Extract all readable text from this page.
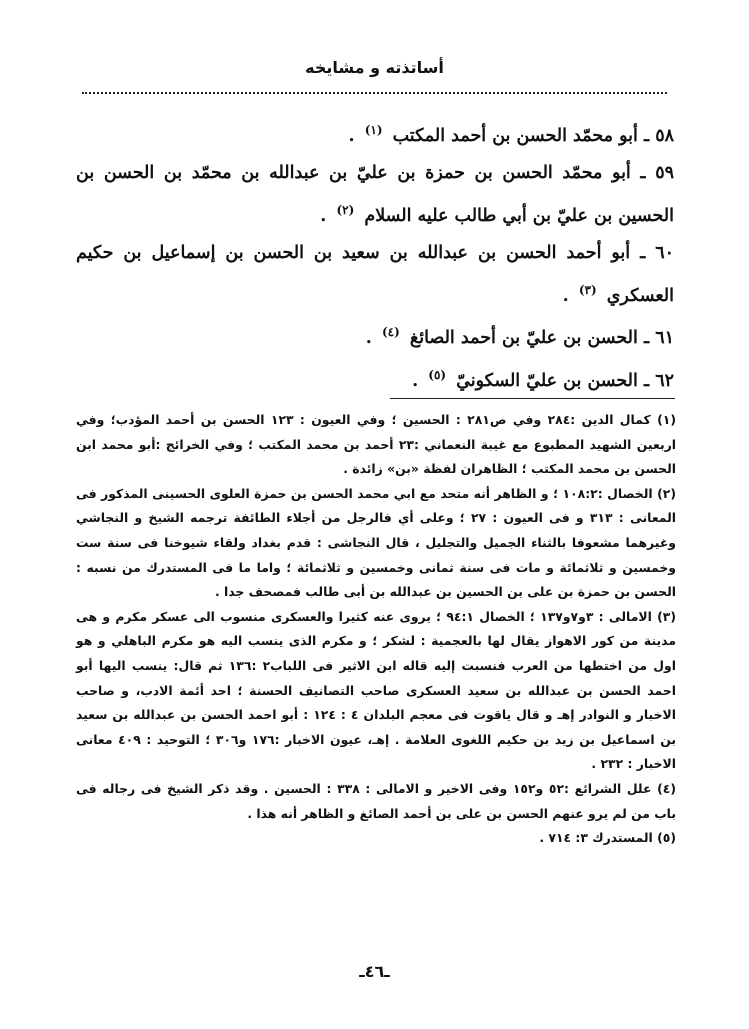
أساتذته و مشايخه

٥٨ ـ أبو محمّد الحسن بن أحمد المكتب $^{(١)}$ .

٥٩ ـ أبو محمّد الحسن بن حمزة بن عليّ بن عبدالله بن محمّد بن الحسن بن الحسين بن عليّ بن أبي طالب عليه السلام $^{(٢)}$ .

٦٠ ـ أبو أحمد الحسن بن عبدالله بن سعيد بن الحسن بن إسماعيل بن حكيم العسكري $^{(٣)}$ .

٦١ ـ الحسن بن عليّ بن أحمد الصائغ $^{(٤)}$ .

٦٢ ـ الحسن بن عليّ السكونيّ $^{(٥)}$ .

(١) كمال الدين :٢٨٤ وفي ص٢٨١ : الحسين ؛ وفي العيون : ١٢٣ الحسن بن أحمد المؤدب؛ وفي اربعين الشهيد المطبوع مع غيبة النعماني :٢٣ أحمد بن محمد المكتب ؛ وفي الخرائج :أبو محمد ابن الحسن بن محمد المكتب ؛ الظاهران لفظة «بن» زائدة .

(٢) الخصال :١٠٨:٢ ؛ و الظاهر أنه متحد مع ابي محمد الحسن بن حمزة العلوى الحسينى المذكور فى المعانى : ٣١٣ و فى العيون : ٢٧ ؛ وعلى أي فالرجل من أجلاء الطائفة ترجمه الشيخ و النجاشي وغيرهما مشعوفا بالثناء الجميل والتجليل ، قال النجاشى : قدم بغداد ولقاء شيوخنا فى سنة ست وخمسين و ثلاثمائة و مات فى سنة ثمانى وخمسين و ثلاثمائة ؛ واما ما فى المستدرك من نسبه : الحسن بن حمزة بن على بن الحسين بن عبدالله بن أبى طالب فمصحف جدا .

(٣) الامالى : ٣و٧و١٣٧ ؛ الخصال ٩٤:١ ؛ يروى عنه كثيرا والعسكرى منسوب الى عسكر مكرم و هى مدينة من كور الاهواز يقال لها بالعجمية : لشكر ؛ و مكرم الذى ينسب اليه هو مكرم الباهلي و هو اول من اختطها من العرب فنسبت إليه قاله ابن الاثير فى اللباب٢ :١٣٦ ثم قال: ينسب اليها أبو احمد الحسن بن عبدالله بن سعيد العسكرى صاحب التصانيف الحسنة ؛ احد أئمة الادب، و صاحب الاخبار و النوادر إهـ و قال ياقوت فى معجم البلدان ٤ : ١٢٤ : أبو احمد الحسن بن عبدالله بن سعيد بن اسماعيل بن زيد بن حكيم اللغوى العلامة . إهـ، عيون الاخبار :١٧٦ و٣٠٦ ؛ التوحيد : ٤٠٩ معانى الاخبار : ٢٣٢ .

(٤) علل الشرائع :٥٢ و١٥٢ وفى الاخير و الامالى : ٣٣٨ : الحسين . وقد ذكر الشيخ فى رجاله فى باب من لم يرو عنهم الحسن بن على بن أحمد الصائغ و الظاهر أنه هذا .

(٥) المستدرك ٣: ٧١٤ .

ـ٤٦ـ
